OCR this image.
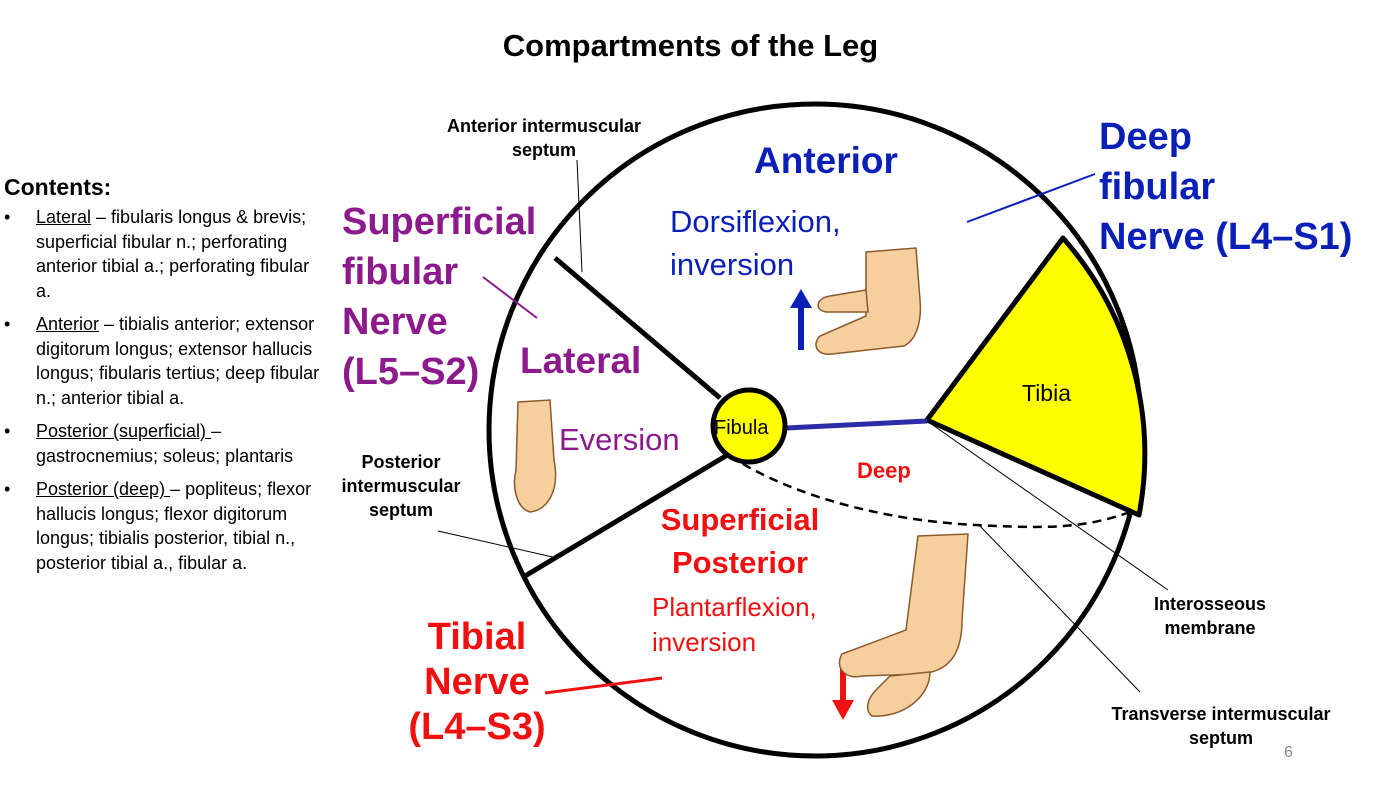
Compartments of the Leg
Contents:
• Lateral – fibularis longus & brevis; superficial fibular n.; perforating anterior tibial a.; perforating fibular a.
• Anterior – tibialis anterior; extensor digitorum longus; extensor hallucis longus; fibularis tertius; deep fibular n.; anterior tibial a.
• Posterior (superficial) – gastrocnemius; soleus; plantaris
• Posterior (deep) – popliteus; flexor hallucis longus; flexor digitorum longus; tibialis posterior, tibial n., posterior tibial a., fibular a.
Anterior intermuscular septum
Posterior intermuscular septum
Interosseous membrane
Transverse intermuscular septum
Tibia
Fibula
Deep
Anterior
Dorsiflexion,
inversion
Lateral
Eversion
Superficial
Posterior
Plantarflexion,
inversion
Deep
fibular
Nerve (L4–S1)
Superficial
fibular
Nerve
(L5–S2)
Tibial
Nerve
(L4–S3)
6
